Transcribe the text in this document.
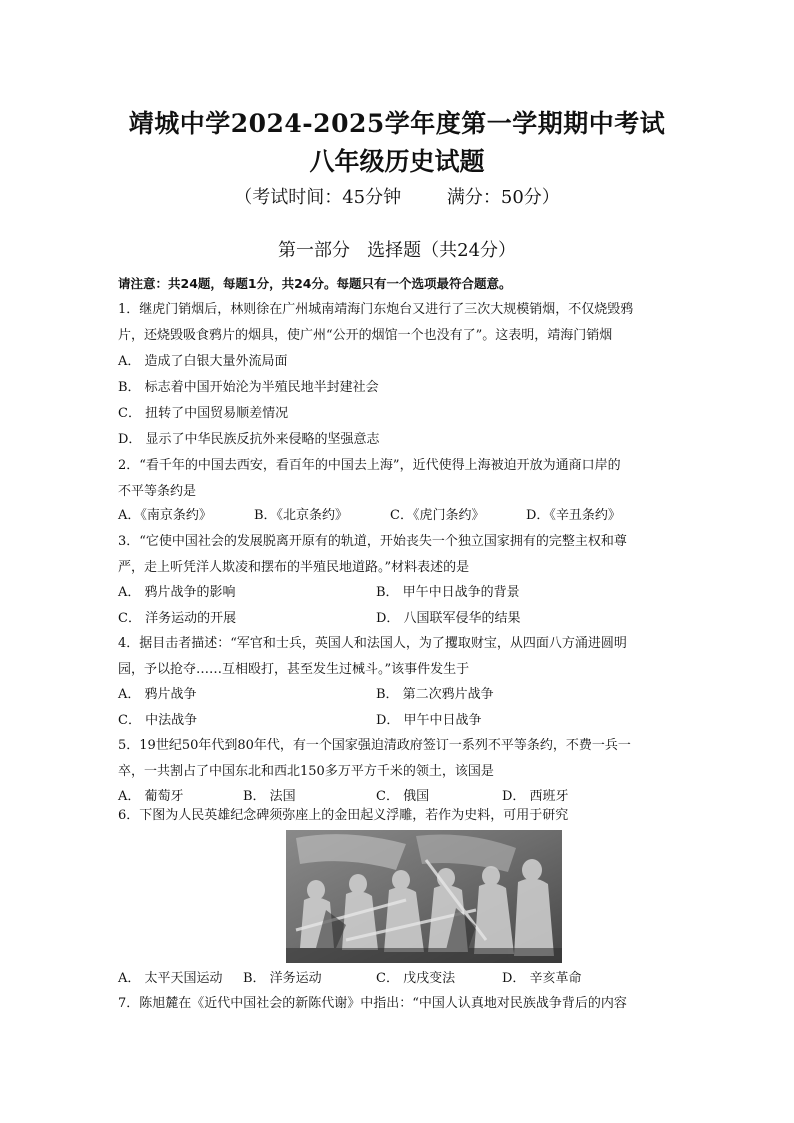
靖城中学2024-2025学年度第一学期期中考试
八年级历史试题
（考试时间：45分钟        满分：50分）
第一部分   选择题（共24分）
请注意：共24题，每题1分，共24分。每题只有一个选项最符合题意。
1．继虎门销烟后，林则徐在广州城南靖海门东炮台又进行了三次大规模销烟，不仅烧毁鸦
片，还烧毁吸食鸦片的烟具，使广州“公开的烟馆一个也没有了”。这表明，靖海门销烟
A． 造成了白银大量外流局面
B． 标志着中国开始沦为半殖民地半封建社会
C． 扭转了中国贸易顺差情况
D． 显示了中华民族反抗外来侵略的坚强意志
2．“看千年的中国去西安，看百年的中国去上海”，近代使得上海被迫开放为通商口岸的
不平等条约是
A．《南京条约》	B．《北京条约》	C．《虎门条约》	D．《辛丑条约》
3．“它使中国社会的发展脱离开原有的轨道，开始丧失一个独立国家拥有的完整主权和尊
严，走上听凭洋人欺凌和摆布的半殖民地道路。”材料表述的是
A． 鸦片战争的影响	B． 甲午中日战争的背景
C． 洋务运动的开展	D． 八国联军侵华的结果
4．据目击者描述：“军官和士兵，英国人和法国人，为了攫取财宝，从四面八方涌进圆明
园，予以抢夺……互相殴打，甚至发生过械斗。”该事件发生于
A． 鸦片战争	B． 第二次鸦片战争
C． 中法战争	D． 甲午中日战争
5．19世纪50年代到80年代，有一个国家强迫清政府签订一系列不平等条约，不费一兵一
卒，一共割占了中国东北和西北150多万平方千米的领土，该国是
A． 葡萄牙	B． 法国	C． 俄国	D． 西班牙
6．下图为人民英雄纪念碑须弥座上的金田起义浮雕，若作为史料，可用于研究
A． 太平天国运动 B． 洋务运动	C． 戊戌变法	D． 辛亥革命
7．陈旭麓在《近代中国社会的新陈代谢》中指出：“中国人认真地对民族战争背后的内容
